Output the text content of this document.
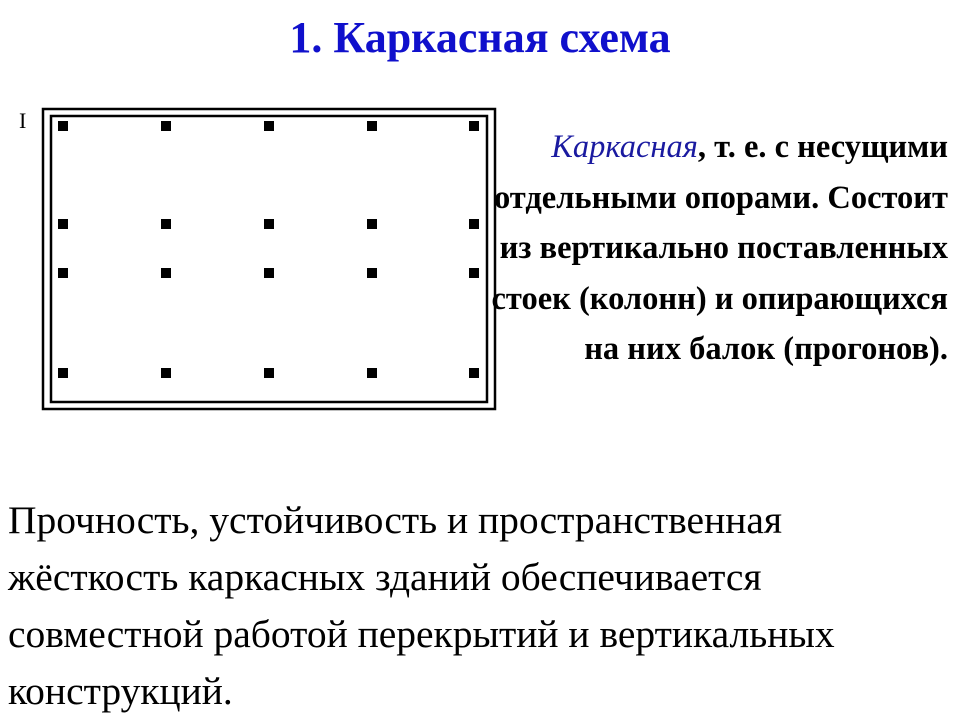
1. Каркасная схема
I
Каркасная, т. е. с несущими отдельными опорами. Состоит из вертикально поставленных стоек (колонн) и опирающихся на них балок (прогонов).
Прочность, устойчивость и пространственная жёсткость каркасных зданий обеспечивается совместной работой перекрытий и вертикальных конструкций.
